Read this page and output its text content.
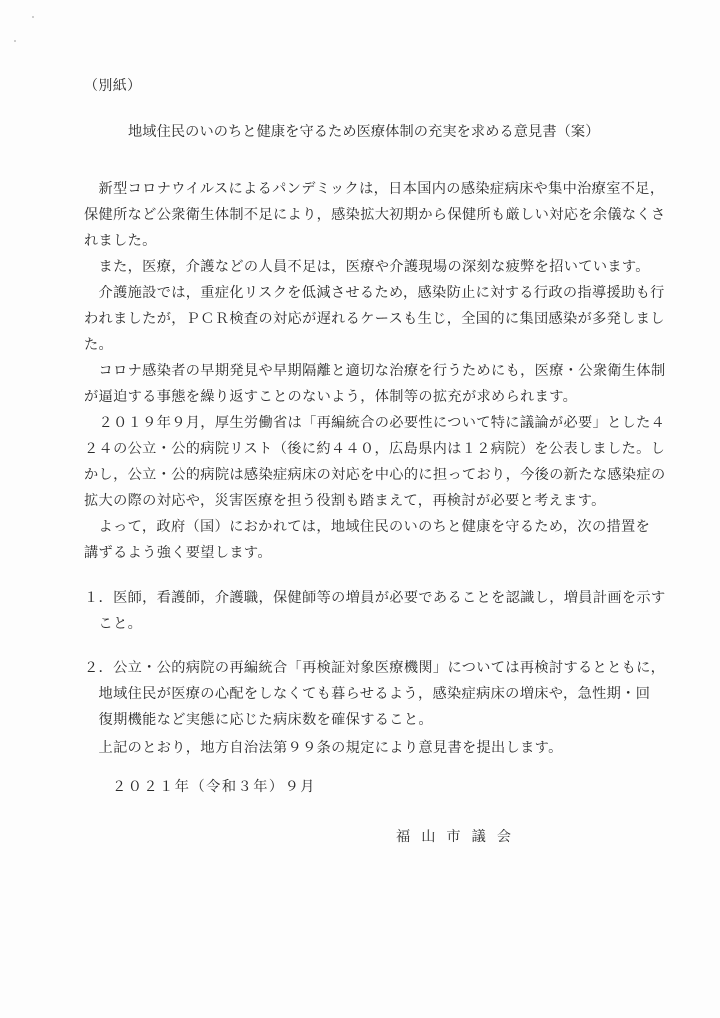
（別紙）
地域住民のいのちと健康を守るため医療体制の充実を求める意見書（案）
　新型コロナウイルスによるパンデミックは，日本国内の感染症病床や集中治療室不足，
保健所など公衆衛生体制不足により，感染拡大初期から保健所も厳しい対応を余儀なくさ
れました。
　また，医療，介護などの人員不足は，医療や介護現場の深刻な疲弊を招いています。
　介護施設では，重症化リスクを低減させるため，感染防止に対する行政の指導援助も行
われましたが，ＰＣＲ検査の対応が遅れるケースも生じ，全国的に集団感染が多発しまし
た。
　コロナ感染者の早期発見や早期隔離と適切な治療を行うためにも，医療・公衆衛生体制
が逼迫する事態を繰り返すことのないよう，体制等の拡充が求められます。
　２０１９年９月，厚生労働省は「再編統合の必要性について特に議論が必要」とした４
２４の公立・公的病院リスト（後に約４４０，広島県内は１２病院）を公表しました。し
かし，公立・公的病院は感染症病床の対応を中心的に担っており，今後の新たな感染症の
拡大の際の対応や，災害医療を担う役割も踏まえて，再検討が必要と考えます。
　よって，政府（国）におかれては，地域住民のいのちと健康を守るため，次の措置を
講ずるよう強く要望します。
１．医師，看護師，介護職，保健師等の増員が必要であることを認識し，増員計画を示す
　こと。
２．公立・公的病院の再編統合「再検証対象医療機関」については再検討するとともに，
　地域住民が医療の心配をしなくても暮らせるよう，感染症病床の増床や，急性期・回
　復期機能など実態に応じた病床数を確保すること。
　上記のとおり，地方自治法第９９条の規定により意見書を提出します。
２０２１年（令和３年）９月
福山市議会
